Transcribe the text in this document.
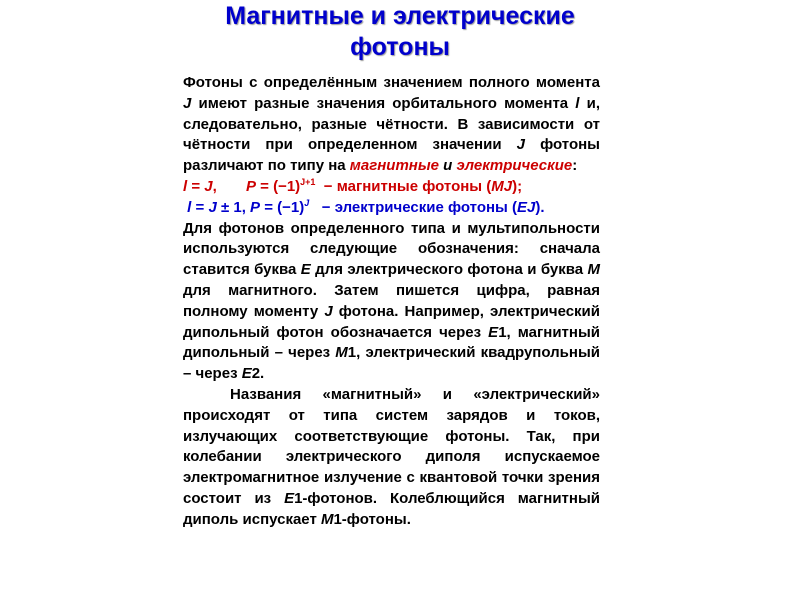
Магнитные и электрические
фотоны

Фотоны с определённым значением полного момента J имеют разные значения орбитального момента l и, следовательно, разные чётности. В зависимости от чётности при определенном значении J фотоны различают по типу на магнитные и электрические:

l = J,       $P = (-1)^{J+1}$  − магнитные фотоны (MJ);

l = J ± 1, $P = (-1)^J$   − электрические фотоны (EJ).

Для фотонов определенного типа и мультипольности используются следующие обозначения: сначала ставится буква E для электрического фотона и буква M для магнитного. Затем пишется цифра, равная полному моменту J фотона. Например, электрический дипольный фотон обозначается через E1, магнитный дипольный – через M1, электрический квадрупольный – через E2.

Названия «магнитный» и «электрический» происходят от типа систем зарядов и токов, излучающих соответствующие фотоны. Так, при колебании электрического диполя испускаемое электромагнитное излучение с квантовой точки зрения состоит из E1-фотонов. Колеблющийся магнитный диполь испускает M1-фотоны.
